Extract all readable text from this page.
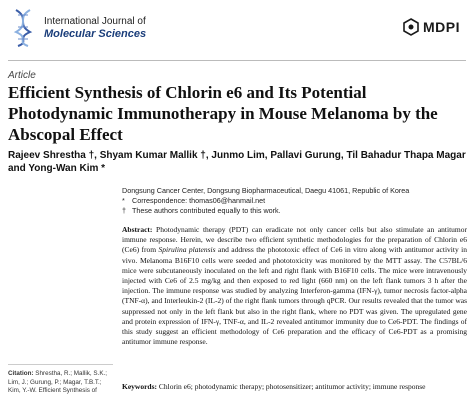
International Journal of
Molecular Sciences	MDPI
Article
Efficient Synthesis of Chlorin e6 and Its Potential Photodynamic Immunotherapy in Mouse Melanoma by the Abscopal Effect
Rajeev Shrestha †, Shyam Kumar Mallik †, Junmo Lim, Pallavi Gurung, Til Bahadur Thapa Magar and Yong-Wan Kim *
Dongsung Cancer Center, Dongsung Biopharmaceutical, Daegu 41061, Republic of Korea
* Correspondence: thomas06@hanmail.net
† These authors contributed equally to this work.
Citation: Shrestha, R.; Mallik, S.K.; Lim, J.; Gurung, P.; Magar, T.B.T.; Kim, Y.-W. Efficient Synthesis of
Abstract: Photodynamic therapy (PDT) can eradicate not only cancer cells but also stimulate an antitumor immune response. Herein, we describe two efficient synthetic methodologies for the preparation of Chlorin e6 (Ce6) from Spirulina platensis and address the phototoxic effect of Ce6 in vitro along with antitumor activity in vivo. Melanoma B16F10 cells were seeded and phototoxicity was monitored by the MTT assay. The C57BL/6 mice were subcutaneously inoculated on the left and right flank with B16F10 cells. The mice were intravenously injected with Ce6 of 2.5 mg/kg and then exposed to red light (660 nm) on the left flank tumors 3 h after the injection. The immune response was studied by analyzing Interferon-gamma (IFN-γ), tumor necrosis factor-alpha (TNF-α), and Interleukin-2 (IL-2) of the right flank tumors through qPCR. Our results revealed that the tumor was suppressed not only in the left flank but also in the right flank, where no PDT was given. The upregulated gene and protein expression of IFN-γ, TNF-α, and IL-2 revealed antitumor immunity due to Ce6-PDT. The findings of this study suggest an efficient methodology of Ce6 preparation and the efficacy of Ce6-PDT as a promising antitumor immune response.
Keywords: Chlorin e6; photodynamic therapy; photosensitizer; antitumor activity; immune response
